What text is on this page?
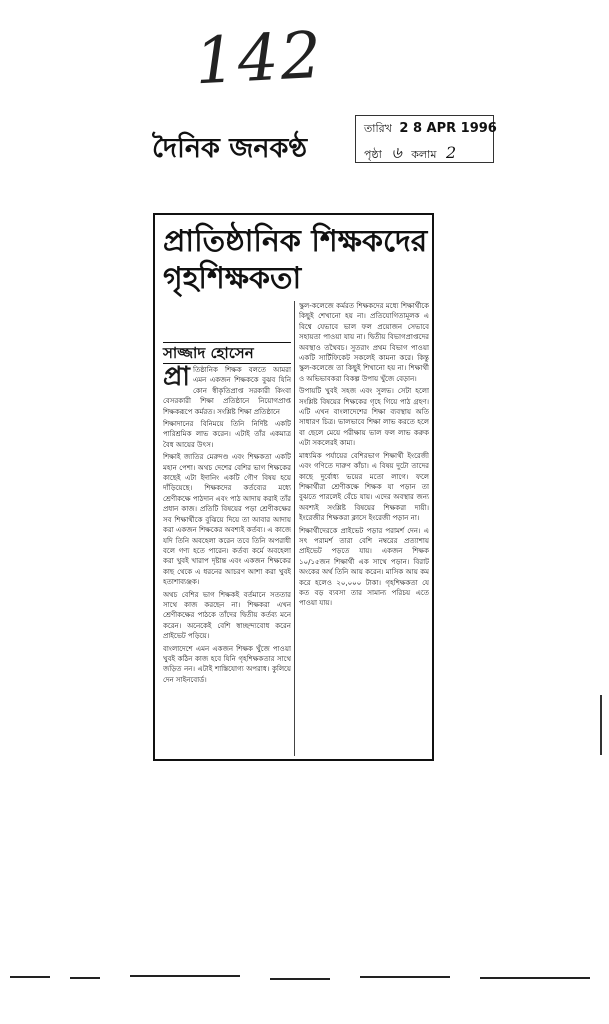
142
দৈনিক জনকণ্ঠ
তারিখ 2 8 APR 1996
পৃষ্ঠা ৬ কলাম 2
প্রাতিষ্ঠানিক শিক্ষকদের গৃহশিক্ষকতা
সাজ্জাদ হোসেন

প্রা তিষ্ঠানিক শিক্ষক বলতে আমরা এমন একজন শিক্ষককে বুঝব যিনি কোন স্বীকৃতিপ্রাপ্ত সরকারী কিংবা বেসরকারী শিক্ষা প্রতিষ্ঠানে নিয়োগপ্রাপ্ত শিক্ষকরূপে কর্মরত। সংশ্লিষ্ট শিক্ষা প্রতিষ্ঠানে

শিক্ষাদানের বিনিময়ে তিনি নির্দিষ্ট একটি পারিশ্রমিক লাভ করেন। এটাই তাঁর একমাত্র বৈধ আয়ের উৎস।

শিক্ষাই জাতির মেরুদণ্ড এবং শিক্ষকতা একটি মহান পেশা। অথচ দেশের বেশির ভাগ শিক্ষকের কাছেই এটা ইদানিং একটি গৌণ বিষয় হয়ে দাঁড়িয়েছে। শিক্ষকদের কর্তব্যের মধ্যে শ্রেণীকক্ষে পাঠদান এবং পাঠ আদায় করাই তাঁর প্রধান কাজ। প্রতিটি বিষয়ের পড়া শ্রেণীকক্ষের সব শিক্ষার্থীকে বুঝিয়ে দিয়ে তা আবার আদায় করা একজন শিক্ষকের অবশ্যই কর্তব্য। এ কাজে যদি তিনি অবহেলা করেন তবে তিনি অপরাধী বলে গণ্য হতে পারেন। কর্তব্য কর্মে অবহেলা করা খুবই খারাপ দৃষ্টান্ত এবং একজন শিক্ষকের কাছ থেকে এ ধরনের আচরণ আশা করা খুবই হতাশাব্যঞ্জক।

অথচ বেশির ভাগ শিক্ষকই বর্তমানে সততার সাথে কাজ করছেন না। শিক্ষকরা এখন শ্রেণীকক্ষের পাঠকে তাঁদের দ্বিতীয় কর্তব্য মনে করেন। অনেকেই বেশি স্বাচ্ছন্দ্যবোধ করেন প্রাইভেট পড়িয়ে।

বাংলাদেশে এমন একজন শিক্ষক খুঁজে পাওয়া খুবই কঠিন কাজ হবে যিনি গৃহশিক্ষকতার সাথে জড়িত নন। এটাই শাস্তিযোগ্য অপরাধ। কুলিয়ে দেন সাইনবোর্ড।

স্কুল-কলেজে কর্মরত শিক্ষকদের মধ্যে শিক্ষার্থীকে কিছুই শেখানো হয় না। প্রতিযোগিতামূলক এ বিশ্বে যেভাবে ভাল ফল প্রয়োজন সেভাবে সহায়তা পাওয়া যায় না। দ্বিতীয় বিভাগপ্রাপ্তদের অবস্থাও তথৈবচ। সুতরাং প্রথম বিভাগ পাওয়া একটি সার্টিফিকেট সকলেই কামনা করে। কিন্তু স্কুল-কলেজে তা কিছুই শিখানো হয় না। শিক্ষার্থী ও অভিভাবকরা বিকল্প উপায় খুঁজে বেড়ান।

উপায়টি খুবই সহজ এবং সুলভ। সেটা হলো সংশ্লিষ্ট বিষয়ের শিক্ষকের গৃহে গিয়ে পাঠ গ্রহণ। এটি এখন বাংলাদেশের শিক্ষা ব্যবস্থায় অতি সাধারণ চিত্র। ভালভাবে শিক্ষা লাভ করতে হলে বা ছেলে মেয়ে পরীক্ষায় ভাল ফল লাভ করুক এটা সকলেরই কাম্য।

মাধ্যমিক পর্যায়ের বেশিরভাগ শিক্ষার্থী ইংরেজী এবং গণিতে দারুণ কাঁচা। এ বিষয় দুটো তাদের কাছে দুর্বোধ্য ভয়ের মতো লাগে। ফলে শিক্ষার্থীরা শ্রেণীকক্ষে শিক্ষক যা পড়ান তা বুঝতে পারলেই বেঁচে যায়। এদের অবস্থার জন্য অবশ্যই সংশ্লিষ্ট বিষয়ের শিক্ষকরা দায়ী। ইংরেজীর শিক্ষকরা ক্লাসে ইংরেজী পড়ান না।

শিক্ষার্থীদেরকে প্রাইভেট পড়ার পরামর্শ দেন। এ সৎ পরামর্শ তারা বেশি নম্বরের প্রত্যাশায় প্রাইভেট পড়তে যায়। একজন শিক্ষক ১০/১৫জন শিক্ষার্থী এক সাথে পড়ান। বিরাট অংকের অর্থ তিনি আয় করেন। মাসিক আয় কম করে হলেও ২০,০০০ টাকা। গৃহশিক্ষকতা যে কত বড় ব্যবসা তার সামান্য পরিচয় এতে পাওয়া যায়।
